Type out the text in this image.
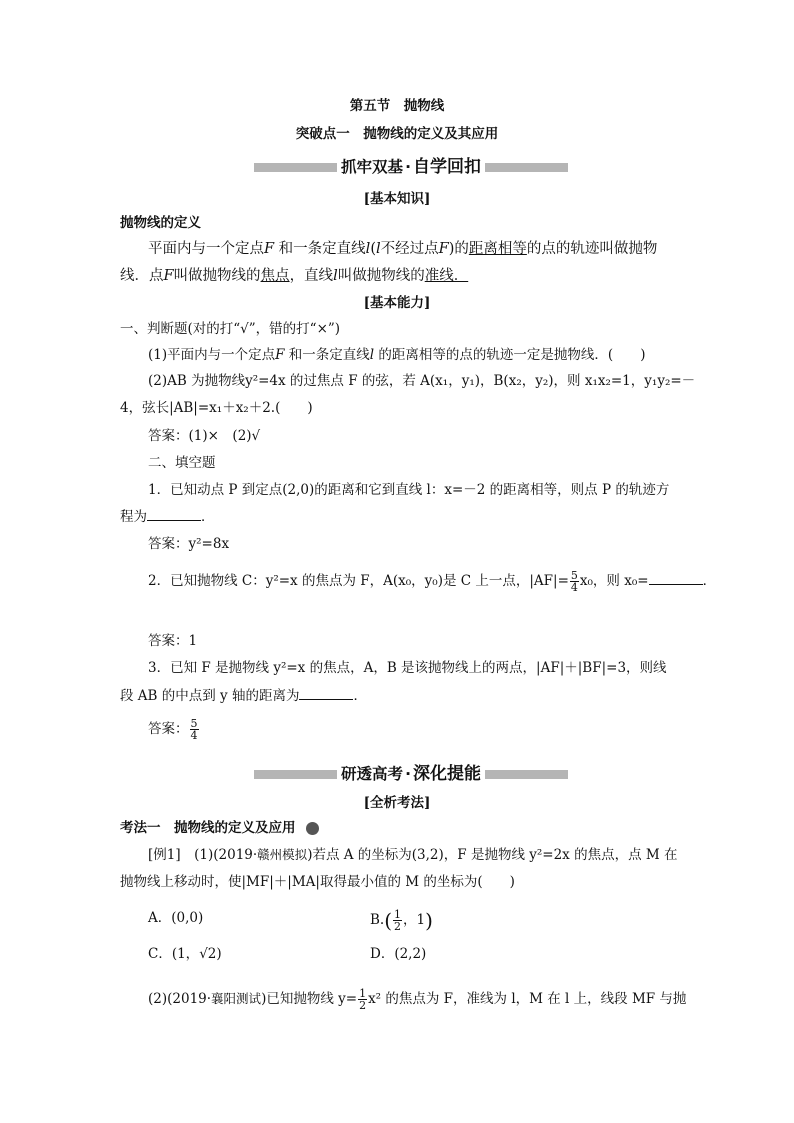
第五节　抛物线
突破点一　抛物线的定义及其应用
抓牢双基 · 自学回扣
[基本知识]
抛物线的定义
平面内与一个定点F 和一条定直线l(l不经过点F)的距离相等的点的轨迹叫做抛物
线．点F叫做抛物线的焦点，直线l叫做抛物线的准线．
[基本能力]
一、判断题(对的打“√”，错的打“×”)
(1)平面内与一个定点F 和一条定直线l 的距离相等的点的轨迹一定是抛物线．(　　)
(2)AB 为抛物线y²=4x 的过焦点 F 的弦，若 A(x₁，y₁)，B(x₂，y₂)，则 x₁x₂=1，y₁y₂=－
4，弦长|AB|=x₁＋x₂＋2.(　　)
答案：(1)×　(2)√
二、填空题
1．已知动点 P 到定点(2,0)的距离和它到直线 l：x=－2 的距离相等，则点 P 的轨迹方
程为	．
答案：y²=8x
2．已知抛物线 C：y²=x 的焦点为 F，A(x₀，y₀)是 C 上一点，$|AF|= \frac{5}{4} x_0$，则 x₀=	．
答案：1
3．已知 F 是抛物线 y²=x 的焦点，A，B 是该抛物线上的两点，|AF|＋|BF|=3，则线
段 AB 的中点到 y 轴的距离为	．
答案： $\frac{5}{4}$
研透高考 · 深化提能
[全析考法]
考法一　抛物线的定义及应用
[例1]　(1)(2019·赣州模拟)若点 A 的坐标为(3,2)，F 是抛物线 y²=2x 的焦点，点 M 在
抛物线上移动时，使|MF|＋|MA|取得最小值的 M 的坐标为(　　)
A．(0,0)	$B.( \frac{1}{2}$ ，1)
C．(1，√2)	D．(2,2)
(2)(2019·襄阳测试)已知抛物线 $y= \frac{1}{2} x^2$ 的焦点为 F，准线为 l，M 在 l 上，线段 MF 与抛
